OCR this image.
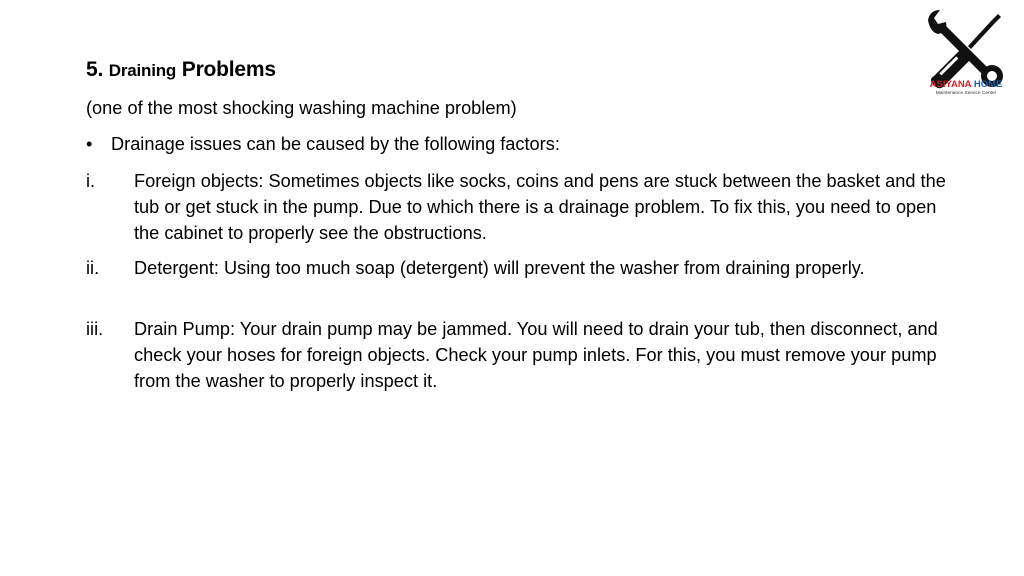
5. Draining Problems
(one of the most shocking washing machine problem)
• Drainage issues can be caused by the following factors:
i. Foreign objects: Sometimes objects like socks, coins and pens are stuck between the basket and the tub or get stuck in the pump. Due to which there is a drainage problem. To fix this, you need to open the cabinet to properly see the obstructions.
ii. Detergent: Using too much soap (detergent) will prevent the washer from draining properly.
iii. Drain Pump: Your drain pump may be jammed. You will need to drain your tub, then disconnect, and check your hoses for foreign objects. Check your pump inlets. For this, you must remove your pump from the washer to properly inspect it.
ASIYANA HOME
Maintenance Service Center
